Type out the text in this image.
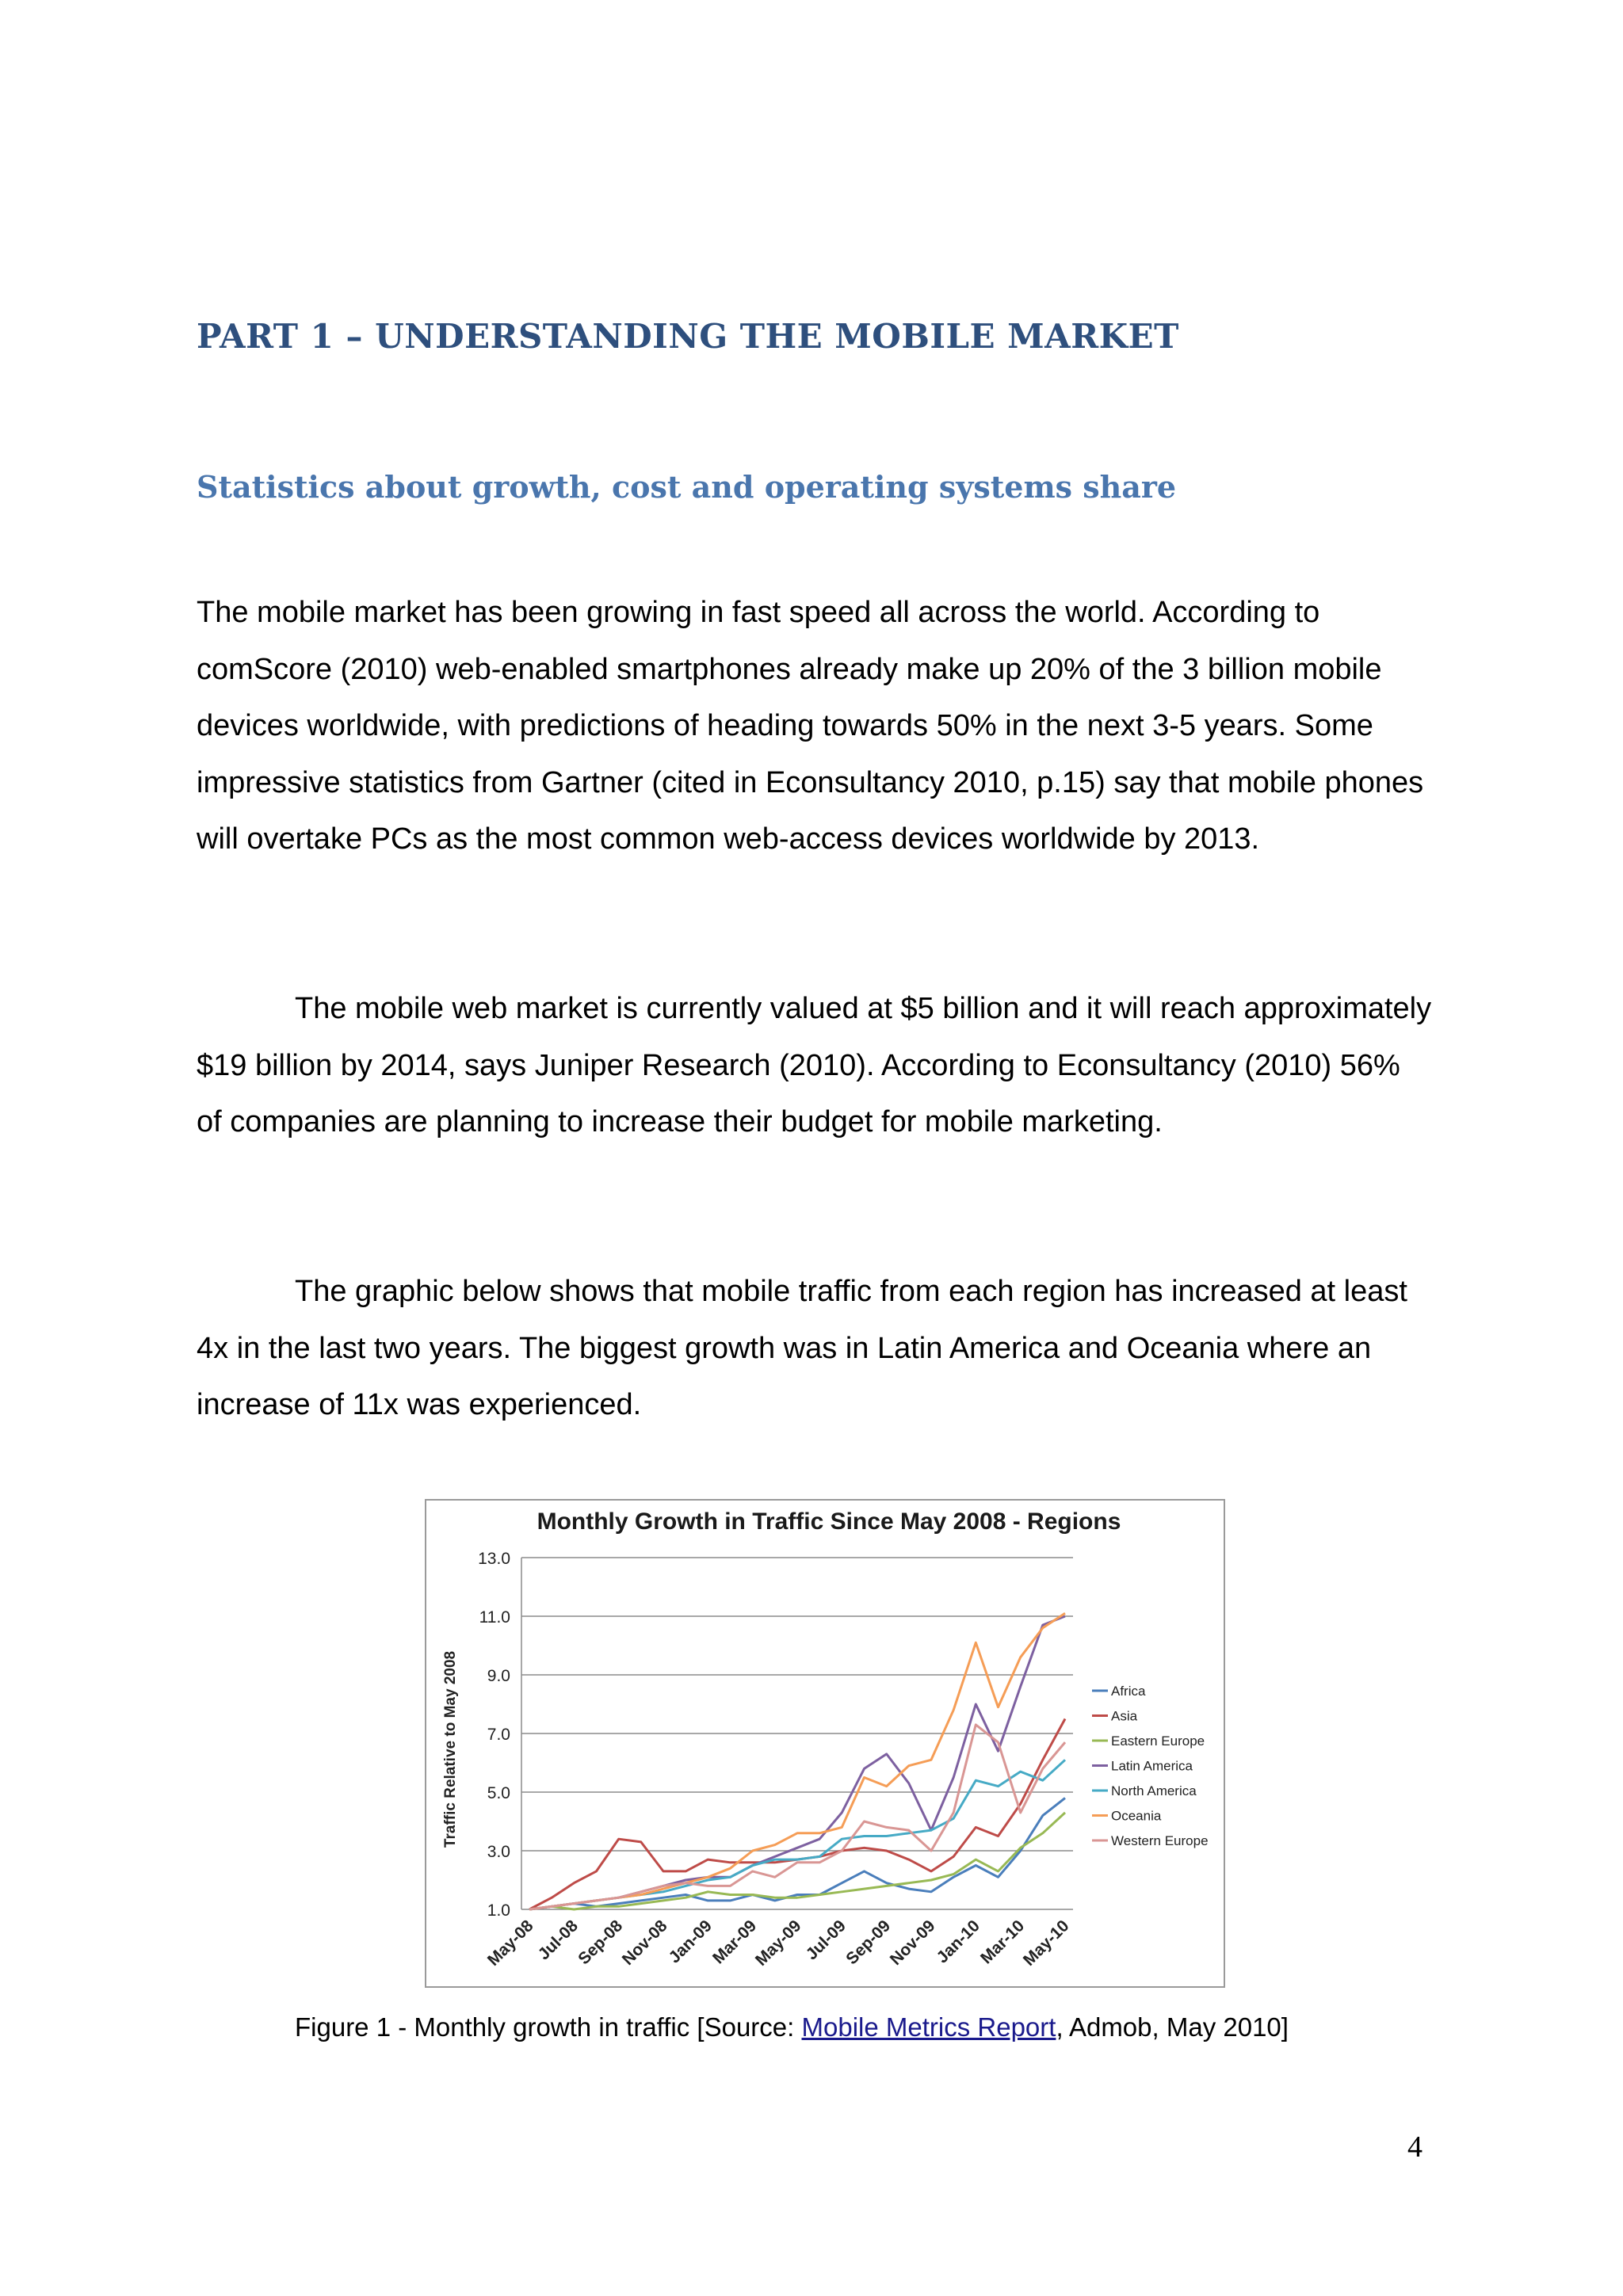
PART 1 – UNDERSTANDING THE MOBILE MARKET
Statistics about growth, cost and operating systems share

The mobile market has been growing in fast speed all across the world. According to comScore (2010) web-enabled smartphones already make up 20% of the 3 billion mobile devices worldwide, with predictions of heading towards 50% in the next 3-5 years. Some impressive statistics from Gartner (cited in Econsultancy 2010, p.15) say that mobile phones will overtake PCs as the most common web-access devices worldwide by 2013.

The mobile web market is currently valued at $5 billion and it will reach approximately $19 billion by 2014, says Juniper Research (2010). According to Econsultancy (2010) 56% of companies are planning to increase their budget for mobile marketing.

The graphic below shows that mobile traffic from each region has increased at least 4x in the last two years. The biggest growth was in Latin America and Oceania where an increase of 11x was experienced.

Monthly Growth in Traffic Since May 2008 - Regions
1.0
3.0
5.0
7.0
9.0
11.0
13.0
Traffic Relative to May 2008
May-08
Jul-08
Sep-08
Nov-08
Jan-09
Mar-09
May-09
Jul-09
Sep-09
Nov-09
Jan-10
Mar-10
May-10
Africa
Asia
Eastern Europe
Latin America
North America
Oceania
Western Europe

Figure 1 - Monthly growth in traffic [Source: Mobile Metrics Report, Admob, May 2010]

4
